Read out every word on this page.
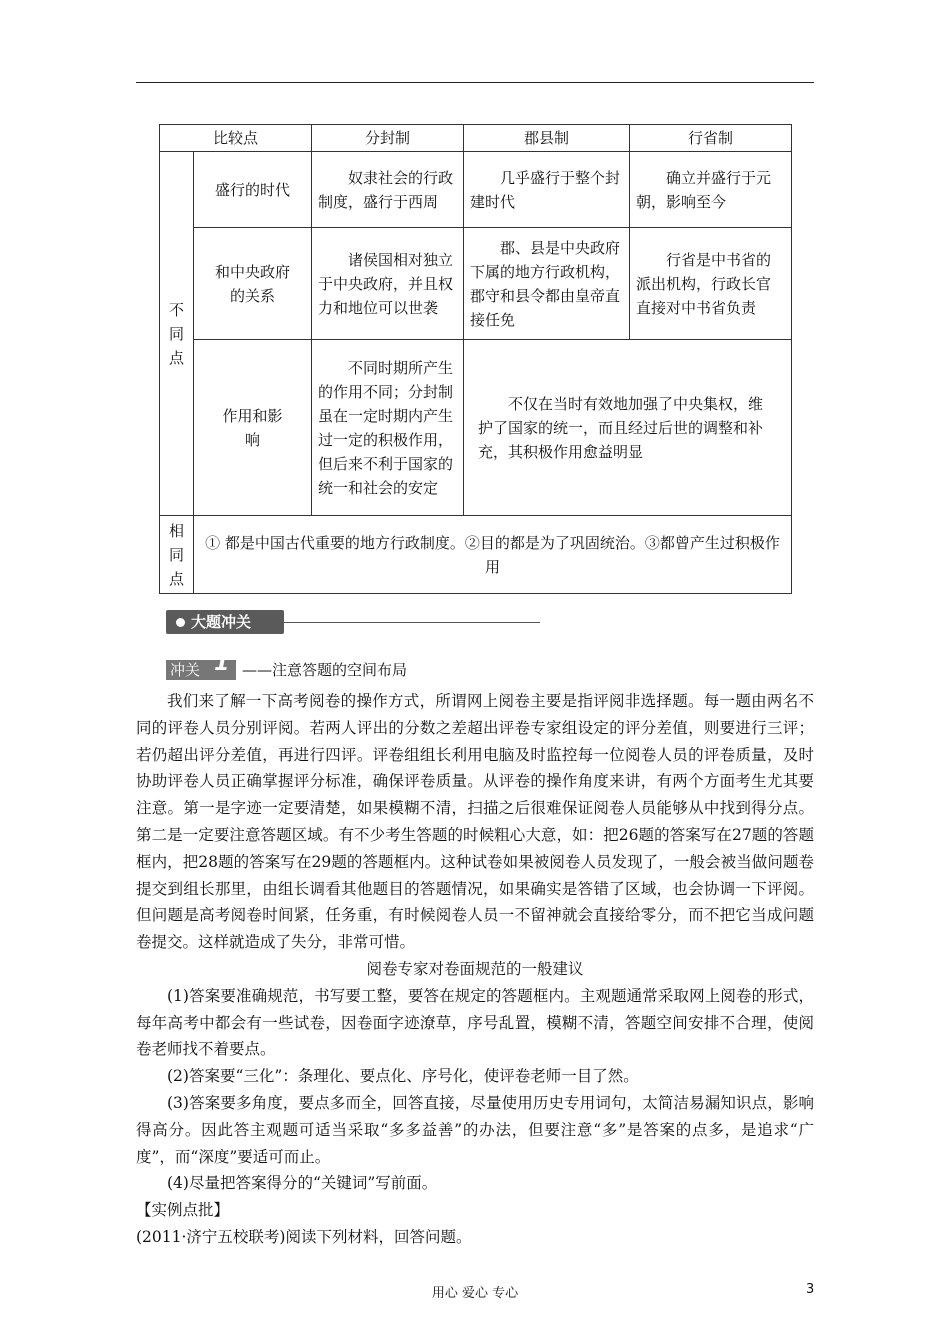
比较点		分封制	郡县制	行省制
不同点	盛行的时代	奴隶社会的行政制度，盛行于西周	几乎盛行于整个封建时代	确立并盛行于元朝，影响至今
	和中央政府的关系	诸侯国相对独立于中央政府，并且权力和地位可以世袭	郡、县是中央政府下属的地方行政机构，郡守和县令都由皇帝直接任免	行省是中书省的派出机构，行政长官直接对中书省负责
	作用和影响	不同时期所产生的作用不同；分封制虽在一定时期内产生过一定的积极作用，但后来不利于国家的统一和社会的安定	不仅在当时有效地加强了中央集权，维护了国家的统一，而且经过后世的调整和补充，其积极作用愈益明显	
相同点	① 都是中国古代重要的地方行政制度。②目的都是为了巩固统治。③都曾产生过积极作用			
大题冲关
冲关 1 ——注意答题的空间布局

我们来了解一下高考阅卷的操作方式，所谓网上阅卷主要是指评阅非选择题。每一题由两名不同的评卷人员分别评阅。若两人评出的分数之差超出评卷专家组设定的评分差值，则要进行三评；若仍超出评分差值，再进行四评。评卷组组长利用电脑及时监控每一位阅卷人员的评卷质量，及时协助评卷人员正确掌握评分标准，确保评卷质量。从评卷的操作角度来讲，有两个方面考生尤其要注意。第一是字迹一定要清楚，如果模糊不清，扫描之后很难保证阅卷人员能够从中找到得分点。第二是一定要注意答题区域。有不少考生答题的时候粗心大意，如：把26题的答案写在27题的答题框内，把28题的答案写在29题的答题框内。这种试卷如果被阅卷人员发现了，一般会被当做问题卷提交到组长那里，由组长调看其他题目的答题情况，如果确实是答错了区域，也会协调一下评阅。但问题是高考阅卷时间紧，任务重，有时候阅卷人员一不留神就会直接给零分，而不把它当成问题卷提交。这样就造成了失分，非常可惜。

阅卷专家对卷面规范的一般建议

(1)答案要准确规范，书写要工整，要答在规定的答题框内。主观题通常采取网上阅卷的形式，每年高考中都会有一些试卷，因卷面字迹潦草，序号乱置，模糊不清，答题空间安排不合理，使阅卷老师找不着要点。

(2)答案要“三化”：条理化、要点化、序号化，使评卷老师一目了然。

(3)答案要多角度，要点多而全，回答直接，尽量使用历史专用词句，太简洁易漏知识点，影响得高分。因此答主观题可适当采取“多多益善”的办法，但要注意“多”是答案的点多，是追求“广度”，而“深度”要适可而止。

(4)尽量把答案得分的“关键词”写前面。

【实例点批】

(2011·济宁五校联考)阅读下列材料，回答问题。

用心 爱心 专心	3
